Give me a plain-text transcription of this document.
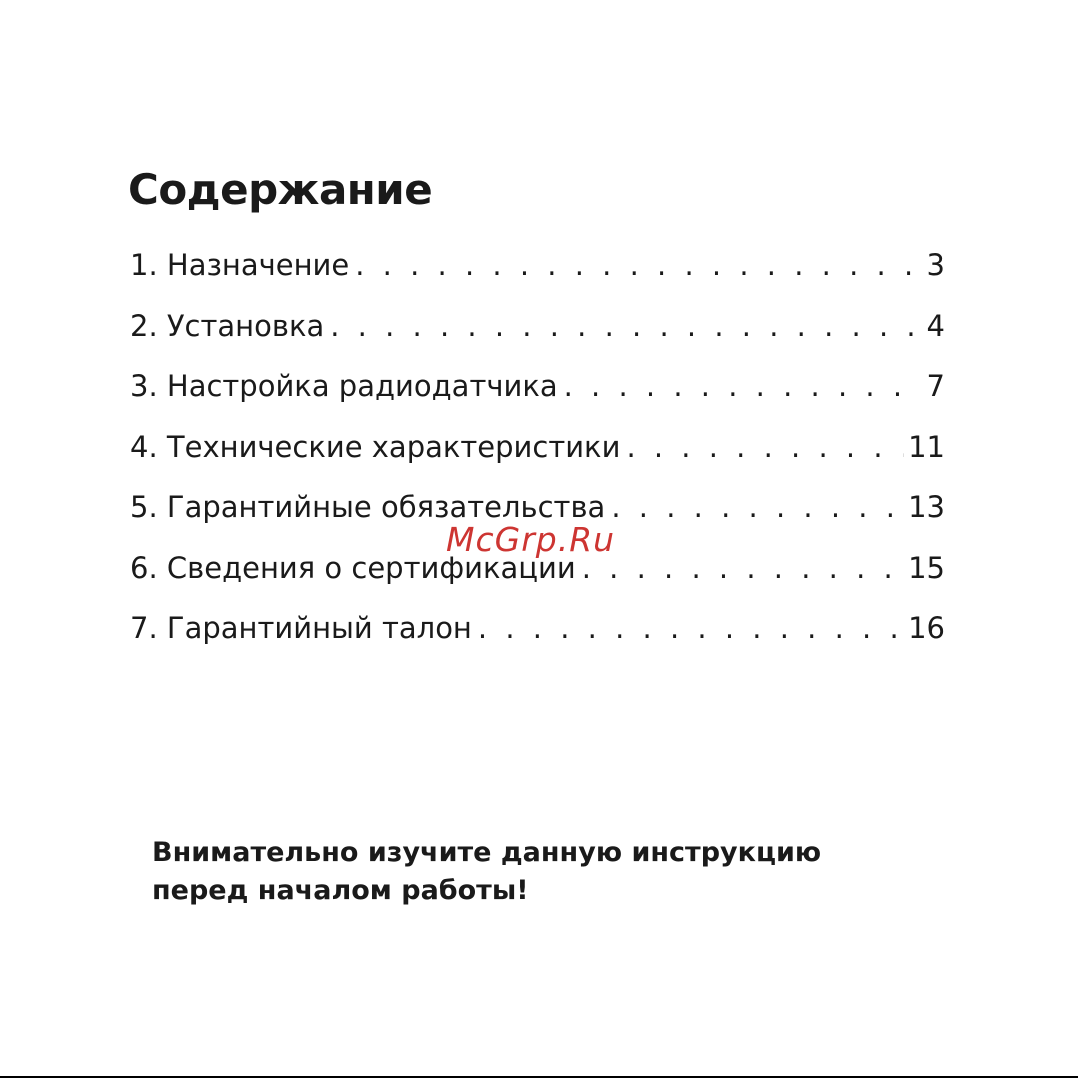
Содержание
1. Назначение . . .	3
2. Установка . . .	4
3. Настройка радиодатчика . . .	7
4. Технические характеристики . . .	11
5. Гарантийные обязательства . . .	13
6. Сведения о сертификации . . .	15
7. Гарантийный талон . . .	16

McGrp.Ru

Внимательно изучите данную инструкцию
перед началом работы!
